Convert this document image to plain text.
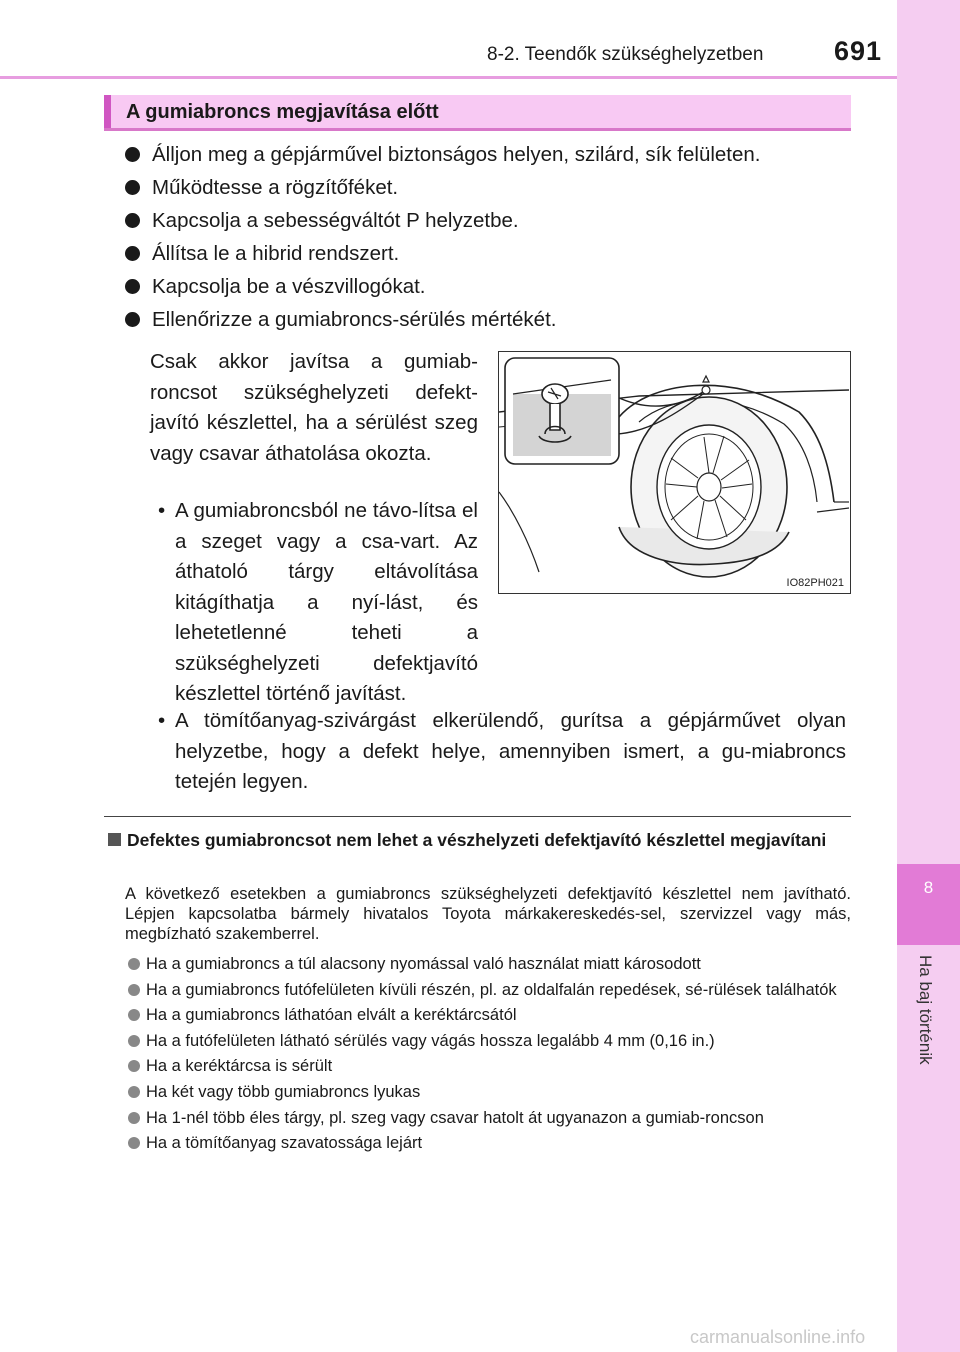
8-2. Teendők szükséghelyzetben	691
8
Ha baj történik
A gumiabroncs megjavítása előtt
Álljon meg a gépjárművel biztonságos helyen, szilárd, sík felületen.
Működtesse a rögzítőféket.
Kapcsolja a sebességváltót P helyzetbe.
Állítsa le a hibrid rendszert.
Kapcsolja be a vészvillogókat.
Ellenőrizze a gumiabroncs-sérülés mértékét.

Csak akkor javítsa a gumiab-roncsot szükséghelyzeti defekt-javító készlettel, ha a sérülést szeg vagy csavar áthatolása okozta.

• A gumiabroncsból ne távo-lítsa el a szeget vagy a csa-vart. Az áthatoló tárgy eltávolítása kitágíthatja a nyí-lást, és lehetetlenné teheti a szükséghelyzeti defektjavító készlettel történő javítást.

• A tömítőanyag-szivárgást elkerülendő, gurítsa a gépjárművet olyan helyzetbe, hogy a defekt helye, amennyiben ismert, a gu-miabroncs tetején legyen.

IO82PH021

Defektes gumiabroncsot nem lehet a vészhelyzeti defektjavító készlettel megjavítani

A következő esetekben a gumiabroncs szükséghelyzeti defektjavító készlettel nem javítható. Lépjen kapcsolatba bármely hivatalos Toyota márkakereskedés-sel, szervizzel vagy más, megbízható szakemberrel.

Ha a gumiabroncs a túl alacsony nyomással való használat miatt károsodott
Ha a gumiabroncs futófelületen kívüli részén, pl. az oldalfalán repedések, sé-rülések találhatók
Ha a gumiabroncs láthatóan elvált a keréktárcsától
Ha a futófelületen látható sérülés vagy vágás hossza legalább 4 mm (0,16 in.)
Ha a keréktárcsa is sérült
Ha két vagy több gumiabroncs lyukas
Ha 1-nél több éles tárgy, pl. szeg vagy csavar hatolt át ugyanazon a gumiab-roncson
Ha a tömítőanyag szavatossága lejárt
carmanualsonline.info
